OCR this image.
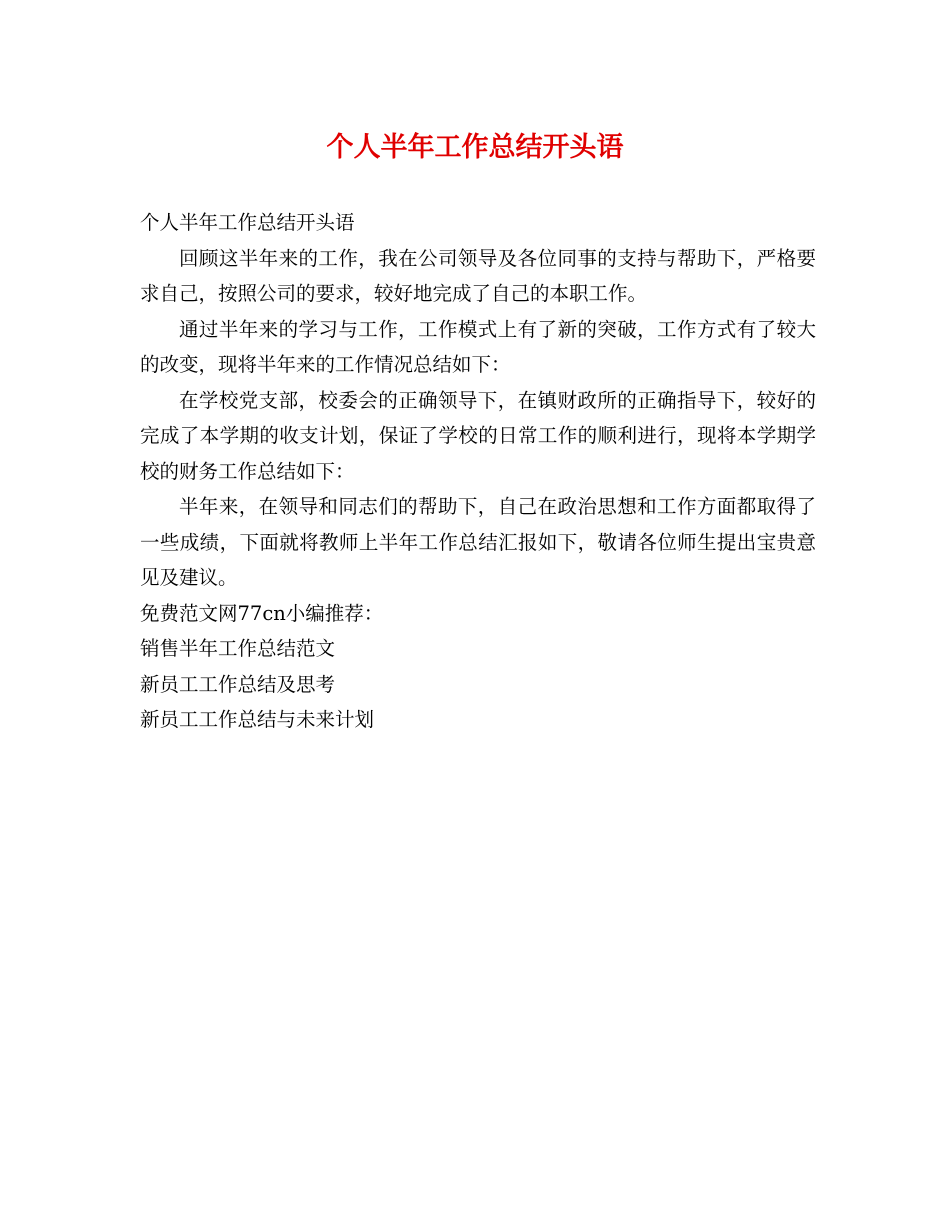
个人半年工作总结开头语

个人半年工作总结开头语

回顾这半年来的工作，我在公司领导及各位同事的支持与帮助下，严格要求自己，按照公司的要求，较好地完成了自己的本职工作。

通过半年来的学习与工作，工作模式上有了新的突破，工作方式有了较大的改变，现将半年来的工作情况总结如下：

在学校党支部，校委会的正确领导下，在镇财政所的正确指导下，较好的完成了本学期的收支计划，保证了学校的日常工作的顺利进行，现将本学期学校的财务工作总结如下：

半年来，在领导和同志们的帮助下，自己在政治思想和工作方面都取得了一些成绩，下面就将教师上半年工作总结汇报如下，敬请各位师生提出宝贵意见及建议。

免费范文网77cn小编推荐：

销售半年工作总结范文

新员工工作总结及思考

新员工工作总结与未来计划
